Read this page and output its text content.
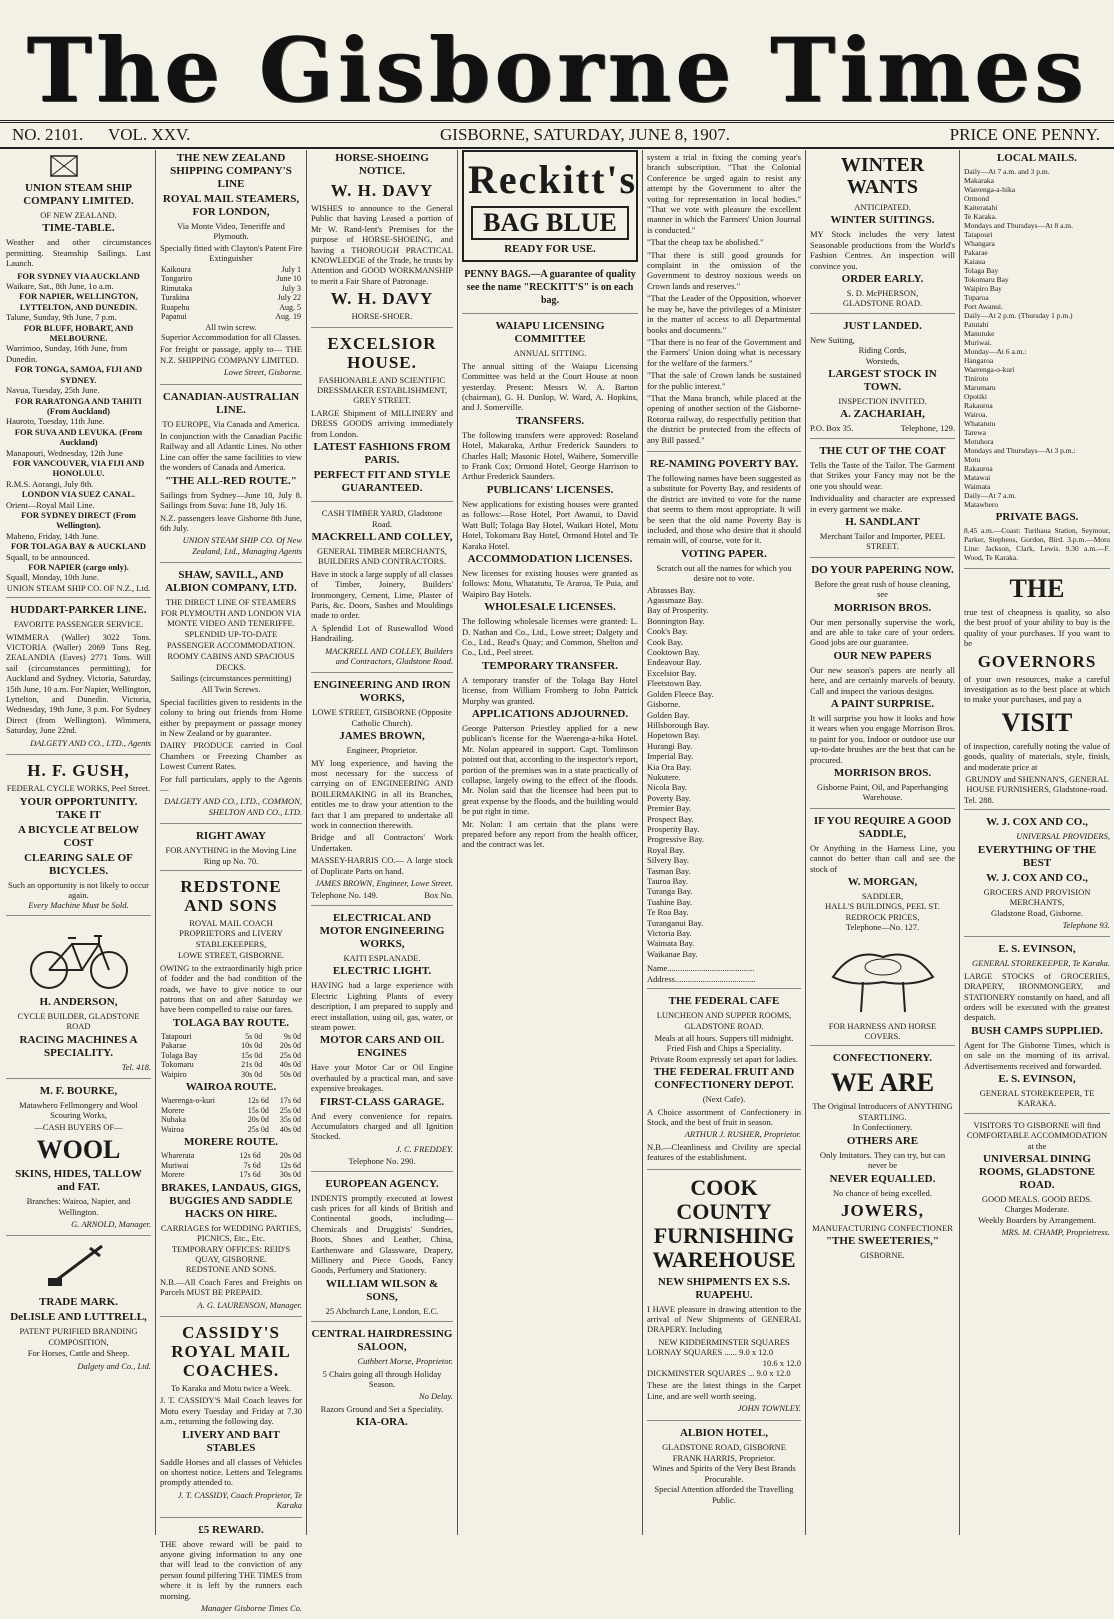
The Gisborne Times
NO. 2101. VOL. XXV.	GISBORNE, SATURDAY, JUNE 8, 1907.	PRICE ONE PENNY.
UNION STEAM SHIP COMPANY LIMITED.
OF NEW ZEALAND.
TIME-TABLE.
Weather and other circumstances permitting. Steamship Sailings. Last Launch.
FOR SYDNEY VIA AUCKLAND
Waikare, Sat., 8th June, 1o a.m.
FOR NAPIER, WELLINGTON, LYTTELTON, AND DUNEDIN.
Talune, Sunday, 9th June, 7 p.m.
FOR BLUFF, HOBART, AND MELBOURNE.
Warrimoo, Sunday, 16th June, from Dunedin.
FOR TONGA, SAMOA, FIJI AND SYDNEY.
Navua, Tuesday, 25th June.
FOR RARATONGA AND TAHITI (From Auckland)
Hauroto, Tuesday, 11th June.
FOR SUVA AND LEVUKA. (From Auckland)
Manapouri, Wednesday, 12th June
FOR VANCOUVER, VIA FIJI AND HONOLULU.
R.M.S. Aorangi, July 8th.
LONDON VIA SUEZ CANAL.
Orient—Royal Mail Line.
FOR SYDNEY DIRECT (From Wellington).
Maheno, Friday, 14th June.
FOR TOLAGA BAY & AUCKLAND
Squall, to be announced.
FOR NAPIER (cargo only).
Squall, Monday, 10th June.
UNION STEAM SHIP CO. OF N.Z., Ltd.
HUDDART-PARKER LINE.
FAVORITE PASSENGER SERVICE.
WIMMERA (Waller) 3022 Tons. VICTORIA (Waller) 2069 Tons Reg. ZEALANDIA (Eaves) 2771 Tons. Will sail (circumstances permitting), for Auckland and Sydney. Victoria, Saturday, 15th June, 10 a.m. For Napier, Wellington, Lyttelton, and Dunedin. Victoria, Wednesday, 19th June, 3 p.m. For Sydney Direct (from Wellington). Wimmera, Saturday, June 22nd.
DALGETY AND CO., LTD., Agents
H. F. GUSH,
FEDERAL CYCLE WORKS, Peel Street.
YOUR OPPORTUNITY. TAKE IT
A BICYCLE AT BELOW COST
CLEARING SALE OF BICYCLES.
Such an opportunity is not likely to occur again.
Every Machine Must be Sold.
H. ANDERSON,
CYCLE BUILDER, GLADSTONE ROAD
RACING MACHINES A SPECIALITY.
Tel. 418.
M. F. BOURKE,
Matawhero Fellmongery and Wool Scouring Works,
—CASH BUYERS OF—
WOOL
SKINS, HIDES, TALLOW and FAT.
Branches: Wairoa, Napier, and Wellington.
G. ARNOLD, Manager.
TRADE MARK.
DeLISLE AND LUTTRELL,
PATENT PURIFIED BRANDING COMPOSITION,
For Horses, Cattle and Sheep.
Dalgety and Co., Ltd.
THE NEW ZEALAND SHIPPING COMPANY'S LINE
ROYAL MAIL STEAMERS, FOR LONDON,
Via Monte Video, Teneriffe and Plymouth.
Specially fitted with Clayton's Patent Fire Extinguisher
Kaikoura	July 1
Tongariro	June 10
Rimutaka	July 3
Turakina	July 22
Ruapehu	Aug. 5
Papanui	Aug. 19
All twin screw.
Superior Accommodation for all Classes.
For freight or passage, apply to— THE N.Z. SHIPPING COMPANY LIMITED.
Lowe Street, Gisborne.
CANADIAN-AUSTRALIAN LINE.
TO EUROPE, Via Canada and America.
In conjunction with the Canadian Pacific Railway and all Atlantic Lines. No other Line can offer the same facilities to view the wonders of Canada and America.
"THE ALL-RED ROUTE."
Sailings from Sydney—June 10, July 8. Sailings from Suva: June 18, July 16.
N.Z. passengers leave Gisborne 8th June, 6th July.
UNION STEAM SHIP CO. Of New Zealand, Ltd., Managing Agents
SHAW, SAVILL, AND ALBION COMPANY, LTD.
THE DIRECT LINE OF STEAMERS FOR PLYMOUTH AND LONDON VIA MONTE VIDEO AND TENERIFFE.
SPLENDID UP-TO-DATE PASSENGER ACCOMMODATION.
ROOMY CABINS AND SPACIOUS DECKS.
Sailings (circumstances permitting)
All Twin Screws.
Special facilities given to residents in the colony to bring out friends from Home either by prepayment or passage money in New Zealand or by guarantee.
DAIRY PRODUCE carried in Cool Chambers or Freezing Chamber as Lowest Current Rates.
For full particulars, apply to the Agents—
DALGETY AND CO., LTD., COMMON, SHELTON AND CO., LTD.
RIGHT AWAY
FOR ANYTHING in the Moving Line Ring up No. 70.
REDSTONE AND SONS
ROYAL MAIL COACH PROPRIETORS and LIVERY STABLEKEEPERS,
LOWE STREET, GISBORNE.
OWING to the extraordinarily high price of fodder and the bad condition of the roads, we have to give notice to our patrons that on and after Saturday we have been compelled to raise our fares.
TOLAGA BAY ROUTE.
Tatapouri	5s 0d	9s 0d
Pakarae	10s 0d	20s 0d
Tolaga Bay	15s 0d	25s 0d
Tokomaru	21s 0d	40s 0d
Waipiro	30s 0d	50s 0d
WAIROA ROUTE.
Waerenga-o-kuri	12s 6d	17s 6d
Morere	15s 0d	25s 0d
Nuhaka	20s 0d	35s 0d
Wairoa	25s 0d	40s 0d
MORERE ROUTE.
Wharerata	12s 6d	20s 0d
Muriwai	7s 6d	12s 6d
Morere	17s 6d	30s 0d
BRAKES, LANDAUS, GIGS, BUGGIES AND SADDLE HACKS ON HIRE.
CARRIAGES for WEDDING PARTIES, PICNICS, Etc., Etc.
TEMPORARY OFFICES: REID'S QUAY, GISBORNE.
REDSTONE AND SONS.
N.B.—All Coach Fares and Freights on Parcels MUST BE PREPAID.
A. G. LAURENSON, Manager.
CASSIDY'S ROYAL MAIL COACHES.
To Karaka and Motu twice a Week.
J. T. CASSIDY'S Mail Coach leaves for Motu every Tuesday and Friday at 7.30 a.m., returning the following day.
LIVERY AND BAIT STABLES
Saddle Horses and all classes of Vehicles on shortest notice. Letters and Telegrams promptly attended to.
J. T. CASSIDY, Coach Proprietor, Te Karaka
£5 REWARD.
THE above reward will be paid to anyone giving information to any one that will lead to the conviction of any person found pilfering THE TIMES from where it is left by the runners each morning.
Manager Gisborne Times Co.
HORSE-SHOEING NOTICE.
W. H. DAVY
WISHES to announce to the General Public that having Leased a portion of Mr W. Rand-lent's Premises for the purpose of HORSE-SHOEING, and having a THOROUGH PRACTICAL KNOWLEDGE of the Trade, he trusts by Attention and GOOD WORKMANSHIP to merit a Fair Share of Patronage.
W. H. DAVY
HORSE-SHOER.
EXCELSIOR HOUSE.
FASHIONABLE AND SCIENTIFIC DRESSMAKER ESTABLISHMENT, GREY STREET.
LARGE Shipment of MILLINERY and DRESS GOODS arriving immediately from London.
LATEST FASHIONS FROM PARIS.
PERFECT FIT AND STYLE GUARANTEED.
CASH TIMBER YARD, Gladstone Road.
MACKRELL AND COLLEY,
GENERAL TIMBER MERCHANTS, BUILDERS AND CONTRACTORS.
Have in stock a large supply of all classes of Timber, Joinery, Builders' Ironmongery, Cement, Lime, Plaster of Paris, &c. Doors, Sashes and Mouldings made to order.
A Splendid Lot of Rusewallod Wood Handrailing.
MACKRELL AND COLLEY, Builders and Contractors, Gladstone Road.
ENGINEERING AND IRON WORKS,
LOWE STREET, GISBORNE (Opposite Catholic Church).
JAMES BROWN,
Engineer, Proprietor.
MY long experience, and having the most necessary for the success of carrying on of ENGINEERING AND BOILERMAKING in all its Branches, entitles me to draw your attention to the fact that I am prepared to undertake all work in connection therewith.
Bridge and all Contractors' Work Undertaken.
MASSEY-HARRIS CO.— A large stock of Duplicate Parts on hand.
JAMES BROWN, Engineer, Lowe Street.
Telephone No. 149.	Box No.
ELECTRICAL AND MOTOR ENGINEERING WORKS,
KAITI ESPLANADE.
ELECTRIC LIGHT.
HAVING had a large experience with Electric Lighting Plants of every description, I am prepared to supply and erect installation, using oil, gas, water, or steam power.
MOTOR CARS AND OIL ENGINES
Have your Motor Car or Oil Engine overhauled by a practical man, and save expensive breakages.
FIRST-CLASS GARAGE.
And every convenience for repairs. Accumulators charged and all Ignition Stocked.
J. C. FREDDEY.
Telephone No. 290.
EUROPEAN AGENCY.
INDENTS promptly executed at lowest cash prices for all kinds of British and Continental goods, including— Chemicals and Druggists' Sundries, Boots, Shoes and Leather, China, Earthenware and Glassware, Drapery, Millinery and Piece Goods, Fancy Goods, Perfumery and Stationery.
WILLIAM WILSON & SONS,
25 Abchurch Lane, London, E.C.
CENTRAL HAIRDRESSING SALOON,
Cuthbert Morse, Proprietor.
5 Chairs going all through Holiday Season.
No Delay.
Razors Ground and Set a Speciality.
KIA-ORA.
Reckitt's
BAG BLUE
READY FOR USE.
PENNY BAGS.—A guarantee of quality see the name "RECKITT'S" is on each bag.
WAIAPU LICENSING COMMITTEE
ANNUAL SITTING.
The annual sitting of the Waiapu Licensing Committee was held at the Court House at noon yesterday. Present: Messrs W. A. Barton (chairman), G. H. Dunlop, W. Ward, A. Hopkins, and J. Somerville.
TRANSFERS.
The following transfers were approved: Roseland Hotel, Makaraka, Arthur Frederick Saunders to Charles Hall; Masonic Hotel, Waihere, Somerville to Frank Cox; Ormond Hotel, George Harrison to Arthur Frederick Saunders.
PUBLICANS' LICENSES.
New applications for existing houses were granted as follows:—Rose Hotel, Port Awanui, to David Watt Bull; Tolaga Bay Hotel, Waikari Hotel, Motu Hotel, Tokomaru Bay Hotel, Ormond Hotel and Te Karaka Hotel.
ACCOMMODATION LICENSES.
New licenses for existing houses were granted as follows: Motu, Whatatutu, Te Araroa, Te Puia, and Waipiro Bay Hotels.
WHOLESALE LICENSES.
The following wholesale licenses were granted: L. D. Nathan and Co., Ltd., Lowe street; Dalgety and Co., Ltd., Read's Quay; and Common, Shelton and Co., Ltd., Peel street.
TEMPORARY TRANSFER.
A temporary transfer of the Tolaga Bay Hotel license, from William Fromberg to John Patrick Murphy was granted.
APPLICATIONS ADJOURNED.
George Patterson Priestley applied for a new publican's license for the Waerenga-a-hika Hotel. Mr. Nolan appeared in support. Capt. Tomlinson pointed out that, according to the inspector's report, portion of the premises was in a state practically of collapse, largely owing to the effect of the floods. Mr. Nolan said that the licensee had been put to great expense by the floods, and the building would be put right in time.
Mr. Nolan: I am certain that the plans were prepared before any report from the health officer, and the contract was let.
system a trial in fixing the coming year's branch subscription. "That the Colonial Conference be urged again to resist any attempt by the Government to alter the voting for representation in local bodies." "That we vote with pleasure the excellent manner in which the Farmers' Union Journal is conducted."
"That the cheap tax be abolished."
"That there is still good grounds for complaint in the omission of the Government to destroy noxious weeds on Crown lands and reserves."
"That the Leader of the Opposition, whoever he may be, have the privileges of a Minister in the matter of access to all Departmental books and documents."
"That there is no fear of the Government and the Farmers' Union doing what is necessary for the welfare of the farmers."
"That the sale of Crown lands be sustained for the public interest."
"That the Mana branch, while placed at the opening of another section of the Gisborne-Rotorua railway, do respectfully petition that the district be protected from the effects of any Bill passed."
RE-NAMING POVERTY BAY.
The following names have been suggested as a substitute for Poverty Bay, and residents of the district are invited to vote for the name that seems to them most appropriate. It will be seen that the old name Poverty Bay is included, and those who desire that it should remain will, of course, vote for it.
VOTING PAPER.
Scratch out all the names for which you desire not to vote.
Abrasses Bay.
Agassmaze Bay.
Bay of Prosperity.
Bonnington Bay.
Cook's Bay.
Cook Bay.
Cooktown Bay.
Endeavour Bay.
Excelsior Bay.
Fleetstown Bay.
Golden Fleece Bay.
Gisborne.
Golden Bay.
Hillsborough Bay.
Hopetown Bay.
Hurangi Bay.
Imperial Bay.
Kia Ora Bay.
Nukutere.
Nicola Bay.
Poverty Bay.
Premier Bay.
Prospect Bay.
Prosperity Bay.
Progressive Bay.
Royal Bay.
Silvery Bay.
Tasman Bay.
Tauroa Bay.
Turanga Bay.
Tuahine Bay.
Te Roa Bay.
Turanganui Bay.
Victoria Bay.
Waimata Bay.
Waikanae Bay.
Name.........................................
Address......................................
THE FEDERAL CAFE
LUNCHEON AND SUPPER ROOMS,
GLADSTONE ROAD.
Meals at all hours. Suppers till midnight.
Fried Fish and Chips a Speciality.
Private Room expressly set apart for ladies.
THE FEDERAL FRUIT AND CONFECTIONERY DEPOT.
(Next Cafe).
A Choice assortment of Confectionery in Stock, and the best of fruit in season.
ARTHUR J. RUSHER, Proprietor.
N.B.—Cleanliness and Civility are special features of the establishment.
COOK COUNTY FURNISHING WAREHOUSE
NEW SHIPMENTS EX S.S. RUAPEHU.
I HAVE pleasure in drawing attention to the arrival of New Shipments of GENERAL DRAPERY. Including
NEW KIDDERMINSTER SQUARES
LORNAY SQUARES ...... 9.0 x 12.0
10.6 x 12.0
DICKMINSTER SQUARES ... 9.0 x 12.0
These are the latest things in the Carpet Line, and are well worth seeing.
JOHN TOWNLEY.
ALBION HOTEL,
GLADSTONE ROAD, GISBORNE
FRANK HARRIS, Proprietor.
Wines and Spirits of the Very Best Brands Procurable.
Special Attention afforded the Travelling Public.
WINTER WANTS
ANTICIPATED.
WINTER SUITINGS.
MY Stock includes the very latest Seasonable productions from the World's Fashion Centres. An inspection will convince you.
ORDER EARLY.
S. D. McPHERSON,
GLADSTONE ROAD.
JUST LANDED.
New Suiting,
Riding Cords,
Worsteds,
LARGEST STOCK IN TOWN.
INSPECTION INVITED.
A. ZACHARIAH,
P.O. Box 35.	Telephone, 129.
THE CUT OF THE COAT
Tells the Taste of the Tailor. The Garment that Strikes your Fancy may not be the one you should wear.
Individuality and character are expressed in every garment we make.
H. SANDLANT
Merchant Tailor and Importer, PEEL STREET.
DO YOUR PAPERING NOW.
Before the great rush of house cleaning, see
MORRISON BROS.
Our men personally supervise the work, and are able to take care of your orders. Good jobs are our guarantee.
OUR NEW PAPERS
Our new season's papers are nearly all here, and are certainly marvels of beauty. Call and inspect the various designs.
A PAINT SURPRISE.
It will surprise you how it looks and how it wears when you engage Morrison Bros. to paint for you. Indoor or outdoor use our up-to-date brushes are the best that can be procured.
MORRISON BROS.
Gisborne Paint, Oil, and Paperhanging Warehouse.
IF YOU REQUIRE A GOOD SADDLE,
Or Anything in the Harness Line, you cannot do better than call and see the stock of
W. MORGAN,
SADDLER,
HALL'S BUILDINGS, PEEL ST. REDROCK PRICES,
Telephone—No. 127.
FOR HARNESS AND HORSE COVERS.
CONFECTIONERY.
WE ARE
The Original Introducers of ANYTHING STARTLING.
In Confectionery.
OTHERS ARE
Only Imitators. They can try, but can never be
NEVER EQUALLED.
No chance of being excelled.
JOWERS,
MANUFACTURING CONFECTIONER
"THE SWEETERIES,"
GISBORNE.
LOCAL MAILS.
Daily—At 7 a.m. and 3 p.m.
Makaraka
Waerenga-a-hika
Ormond
Kaiteratahi
Te Karaka.
Mondays and Thursdays—At 8 a.m.
Tatapouri
Whangara
Pakarae
Kaiaua
Tolaga Bay
Tokomaru Bay
Waipiro Bay
Tuparoa
Port Awanui.
Daily—At 2 p.m. (Thursday 1 p.m.)
Patutahi
Manutuke
Muriwai.
Monday—At 6 a.m.:
Hangaroa
Waerenga-o-kuri
Tiniroto
Marumaru
Opotiki
Rakauroa
Wairoa.
Whatatutu
Tarewa
Motuhora
Mondays and Thursdays—At 3 p.m.:
Motu
Rakauroa
Matawai
Waimata
Daily—At 7 a.m.
Matawhero
PRIVATE BAGS.
8.45 a.m.—Coast: Turihaua Station, Seymour, Parker, Stephens, Gordon, Bird. 3.p.m.—Motu Line: Jackson, Clark, Lewis. 9.30 a.m.—F. Wood, Te Karaka.
THE
true test of cheapness is quality, so also the best proof of your ability to buy is the quality of your purchases. If you want to be
GOVERNORS
of your own resources, make a careful investigation as to the best place at which to make your purchases, and pay a
VISIT
of inspection, carefully noting the value of goods, quality of materials, style, finish, and moderate price at
GRUNDY and SHENNAN'S, GENERAL HOUSE FURNISHERS, Gladstone-road.
Tel. 288.
W. J. COX AND CO.,
UNIVERSAL PROVIDERS,
EVERYTHING OF THE BEST
W. J. COX AND CO.,
GROCERS AND PROVISION MERCHANTS,
Gladstone Road, Gisborne.
Telephone 93.
E. S. EVINSON,
GENERAL STOREKEEPER, Te Karaka.
LARGE STOCKS of GROCERIES, DRAPERY, IRONMONGERY, and STATIONERY constantly on hand, and all orders will be executed with the greatest despatch.
BUSH CAMPS SUPPLIED.
Agent for The Gisborne Times, which is on sale on the morning of its arrival. Advertisements received and forwarded.
E. S. EVINSON,
GENERAL STOREKEEPER, TE KARAKA.
VISITORS TO GISBORNE will find COMFORTABLE ACCOMMODATION at the
UNIVERSAL DINING ROOMS, GLADSTONE ROAD.
GOOD MEALS. GOOD BEDS.
Charges Moderate.
Weekly Boarders by Arrangement.
MRS. M. CHAMP, Proprietress.
